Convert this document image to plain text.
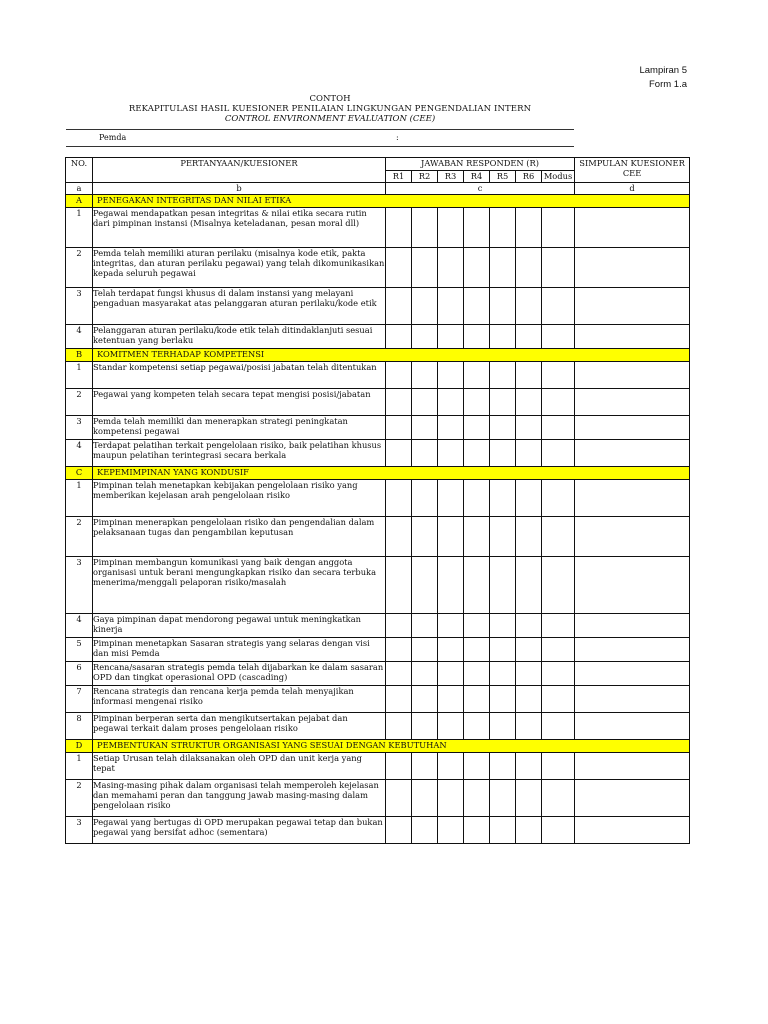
Lampiran 5
Form 1.a
CONTOH
REKAPITULASI HASIL KUESIONER PENILAIAN LINGKUNGAN PENGENDALIAN INTERN
CONTROL ENVIRONMENT EVALUATION (CEE)
Pemda	:
NO.	PERTANYAAN/KUESIONER	JAWABAN RESPONDEN (R)							SIMPULAN KUESIONER CEE
		R1	R2	R3	R4	R5	R6	Modus	
a	b	c							d
A	PENEGAKAN INTEGRITAS DAN NILAI ETIKA								
1	Pegawai mendapatkan pesan integritas & nilai etika secara rutin dari pimpinan instansi (Misalnya keteladanan, pesan moral dll)								
2	Pemda telah memiliki aturan perilaku (misalnya kode etik, pakta integritas, dan aturan perilaku pegawai) yang telah dikomunikasikan kepada seluruh pegawai								
3	Telah terdapat fungsi khusus di dalam instansi yang melayani pengaduan masyarakat atas pelanggaran aturan perilaku/kode etik								
4	Pelanggaran aturan perilaku/kode etik telah ditindaklanjuti sesuai ketentuan yang berlaku								
B	KOMITMEN TERHADAP KOMPETENSI								
1	Standar kompetensi setiap pegawai/posisi jabatan telah ditentukan								
2	Pegawai yang kompeten telah secara tepat mengisi posisi/jabatan								
3	Pemda telah memiliki dan menerapkan strategi peningkatan kompetensi pegawai								
4	Terdapat pelatihan terkait pengelolaan risiko, baik pelatihan khusus maupun pelatihan terintegrasi secara berkala								
C	KEPEMIMPINAN YANG KONDUSIF								
1	Pimpinan telah menetapkan kebijakan pengelolaan risiko yang memberikan kejelasan arah pengelolaan risiko								
2	Pimpinan menerapkan pengelolaan risiko dan pengendalian dalam pelaksanaan tugas dan pengambilan keputusan								
3	Pimpinan membangun komunikasi yang baik dengan anggota organisasi untuk berani mengungkapkan risiko dan secara terbuka menerima/menggali pelaporan risiko/masalah								
4	Gaya pimpinan dapat mendorong pegawai untuk meningkatkan kinerja								
5	Pimpinan menetapkan Sasaran strategis yang selaras dengan visi dan misi Pemda								
6	Rencana/sasaran strategis pemda telah dijabarkan ke dalam sasaran OPD dan tingkat operasional OPD (cascading)								
7	Rencana strategis dan rencana kerja pemda telah menyajikan informasi mengenai risiko								
8	Pimpinan berperan serta dan mengikutsertakan pejabat dan pegawai terkait dalam proses pengelolaan risiko								
D	PEMBENTUKAN STRUKTUR ORGANISASI YANG SESUAI DENGAN KEBUTUHAN								
1	Setiap Urusan telah dilaksanakan oleh OPD dan unit kerja yang tepat								
2	Masing-masing pihak dalam organisasi telah memperoleh kejelasan dan memahami peran dan tanggung jawab masing-masing dalam pengelolaan risiko								
3	Pegawai yang bertugas di OPD merupakan pegawai tetap dan bukan pegawai yang bersifat adhoc (sementara)								
